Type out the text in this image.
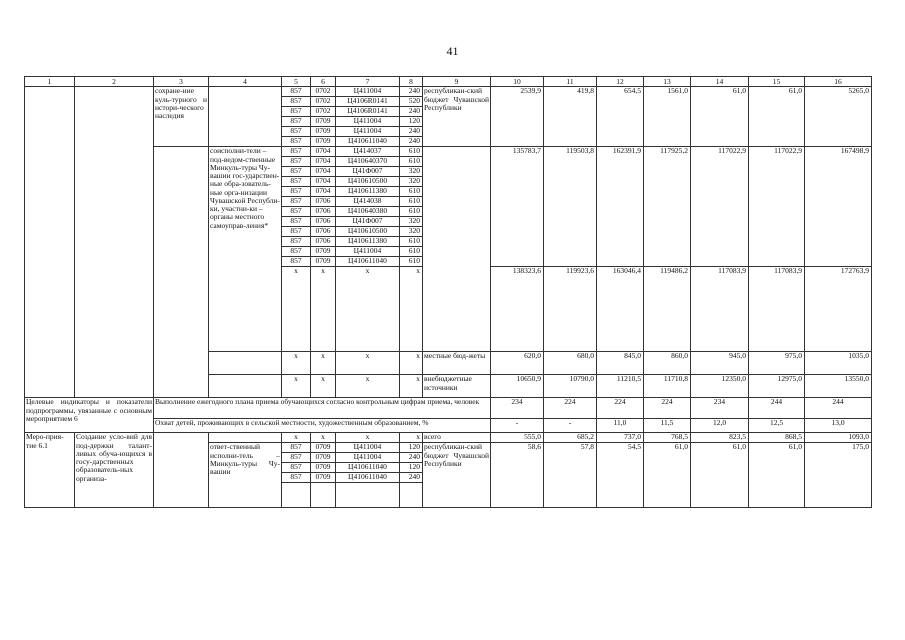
41
1	2	3	4	5	6	7	8	9	10	11	12	13	14	15	16
		сохране-ние куль-турного и истори-ческого наследия		857	0702	Ц411004	240	республикан-ский бюджет Чувашской Республики	2539,9	419,8	654,5	1561,0	61,0	61,0	5265,0
				857	0702	Ц4106R0141	520								
				857	0702	Ц4106R0141	240								
				857	0709	Ц411004	120								
				857	0709	Ц411004	240								
				857	0709	Ц410611040	240								
			соисполни-тели – под-ведом-ственные Минкуль-туры Чу-вашии гос-ударствен-ные обра-зователь-ные орга-низации Чувашской Республи-ки, участни-ки – органы местного самоуправ-ления*	857	0704	Ц414037	610		135783,7	119503,8	162391,9	117925,2	117022,9	117022,9	167498,9
				857	0704	Ц410640370	610								
				857	0704	Ц41Ф007	320								
				857	0704	Ц410610500	320								
				857	0704	Ц410611380	610								
				857	0706	Ц414038	610								
				857	0706	Ц410640380	610								
				857	0706	Ц41Ф007	320								
				857	0706	Ц410610500	320								
				857	0706	Ц410611380	610								
				857	0709	Ц411004	610								
				857	0709	Ц410611040	610								
				x	x	x	x		138323,6	119923,6	163046,4	119486,2	117083,9	117083,9	172763,9
				x	x	x	x	местные бюд-жеты	620,0	680,0	845,0	860,0	945,0	975,0	1035,0
				x	x	x	x	внебюджетные источники	10650,9	10790,0	11210,5	11710,8	12350,0	12975,0	13550,0
Целевые индикаторы и показатели подпрограммы, увязанные с основным мероприятием 6		Выполнение ежегодного плана приема обучающихся согласно контрольным цифрам приема, человек							234	224	224	224	234	244	244
		Охват детей, проживающих в сельской местности, художественным образованием, %							-	-	11,0	11,5	12,0	12,5	13,0
Меро-прия-тие 6.1	Создание усло-вий для под-держки талант-ливых обуча-ющихся в госу-дарственных образователь-ных организа-			x	x	x	x	всего	555,0	685,2	737,0	768,5	823,5	868,5	1093,0
			ответ-ственный исполни-тель – Минкуль-туры Чу-вашии	857	0709	Ц411004	120	республикан-ский бюджет Чувашской Республики	58,6	57,8	54,5	61,0	61,0	61,0	175,0
				857	0709	Ц411004	240								
				857	0709	Ц410611040	120								
				857	0709	Ц410611040	240								
